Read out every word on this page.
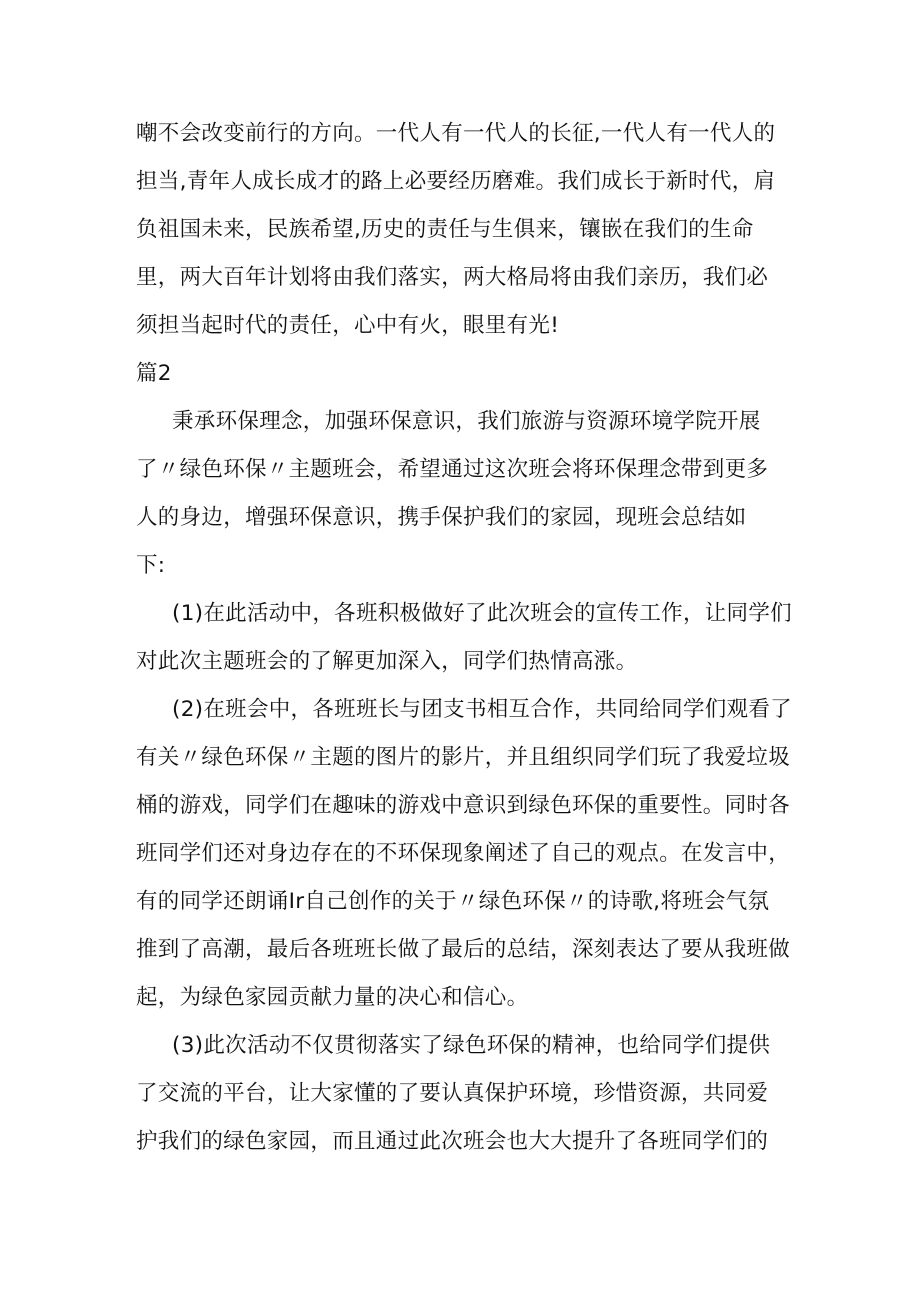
嘲不会改变前行的方向。一代人有一代人的长征,一代人有一代人的
担当,青年人成长成才的路上必要经历磨难。我们成长于新时代，肩
负祖国未来，民族希望,历史的责任与生俱来，镶嵌在我们的生命
里，两大百年计划将由我们落实，两大格局将由我们亲历，我们必
须担当起时代的责任，心中有火，眼里有光!
篇2
秉承环保理念，加强环保意识，我们旅游与资源环境学院开展
了〃绿色环保〃主题班会，希望通过这次班会将环保理念带到更多
人的身边，增强环保意识，携手保护我们的家园，现班会总结如
下:
(1)在此活动中，各班积极做好了此次班会的宣传工作，让同学们
对此次主题班会的了解更加深入，同学们热情高涨。
(2)在班会中，各班班长与团支书相互合作，共同给同学们观看了
有关〃绿色环保〃主题的图片的影片，并且组织同学们玩了我爱垃圾
桶的游戏，同学们在趣味的游戏中意识到绿色环保的重要性。同时各
班同学们还对身边存在的不环保现象阐述了自己的观点。在发言中，
有的同学还朗诵Ir自己创作的关于〃绿色环保〃的诗歌,将班会气氛
推到了高潮，最后各班班长做了最后的总结，深刻表达了要从我班做
起，为绿色家园贡献力量的决心和信心。
(3)此次活动不仅贯彻落实了绿色环保的精神，也给同学们提供
了交流的平台，让大家懂的了要认真保护环境，珍惜资源，共同爱
护我们的绿色家园，而且通过此次班会也大大提升了各班同学们的
